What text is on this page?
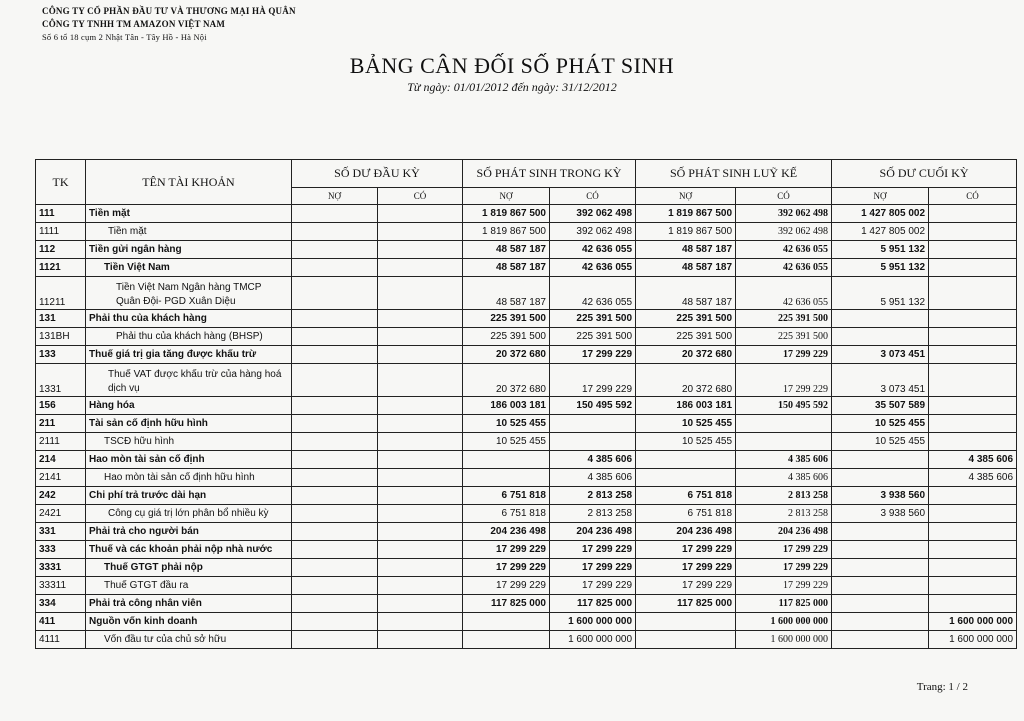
CÔNG TY CỔ PHẦN ĐẦU TƯ VÀ THƯƠNG MẠI HÀ QUÂN
CÔNG TY TNHH TM AMAZON VIỆT NAM
Số 6 tổ 18 cụm 2 Nhật Tân - Tây Hồ - Hà Nội
BẢNG CÂN ĐỐI SỐ PHÁT SINH
Từ ngày: 01/01/2012 đến ngày: 31/12/2012
TK	TÊN TÀI KHOẢN	SỐ DƯ ĐẦU KỲ		SỐ PHÁT SINH TRONG KỲ		SỐ PHÁT SINH LUỸ KẾ		SỐ DƯ CUỐI KỲ	
		NỢ	CÓ	NỢ	CÓ	NỢ	CÓ	NỢ	CÓ
111	Tiền mặt			1 819 867 500	392 062 498	1 819 867 500	392 062 498	1 427 805 002	
1111	Tiền mặt			1 819 867 500	392 062 498	1 819 867 500	392 062 498	1 427 805 002	
112	Tiền gửi ngân hàng			48 587 187	42 636 055	48 587 187	42 636 055	5 951 132	
1121	Tiền Việt Nam			48 587 187	42 636 055	48 587 187	42 636 055	5 951 132	
11211	Tiền Việt Nam Ngân hàng TMCP Quân Đội- PGD Xuân Diệu			48 587 187	42 636 055	48 587 187	42 636 055	5 951 132	
131	Phải thu của khách hàng			225 391 500	225 391 500	225 391 500	225 391 500		
131BH	Phải thu của khách hàng (BHSP)			225 391 500	225 391 500	225 391 500	225 391 500		
133	Thuế giá trị gia tăng được khấu trừ			20 372 680	17 299 229	20 372 680	17 299 229	3 073 451	
1331	Thuế VAT được khấu trừ của hàng hoá dịch vụ			20 372 680	17 299 229	20 372 680	17 299 229	3 073 451	
156	Hàng hóa			186 003 181	150 495 592	186 003 181	150 495 592	35 507 589	
211	Tài sản cố định hữu hình			10 525 455		10 525 455		10 525 455	
2111	TSCĐ hữu hình			10 525 455		10 525 455		10 525 455	
214	Hao mòn tài sản cố định				4 385 606		4 385 606		4 385 606
2141	Hao mòn tài sản cố định hữu hình				4 385 606		4 385 606		4 385 606
242	Chi phí trả trước dài hạn			6 751 818	2 813 258	6 751 818	2 813 258	3 938 560	
2421	Công cụ giá trị lớn phân bổ nhiều kỳ			6 751 818	2 813 258	6 751 818	2 813 258	3 938 560	
331	Phải trả cho người bán			204 236 498	204 236 498	204 236 498	204 236 498		
333	Thuế và các khoản phải nộp nhà nước			17 299 229	17 299 229	17 299 229	17 299 229		
3331	Thuế GTGT phải nộp			17 299 229	17 299 229	17 299 229	17 299 229		
33311	Thuế GTGT đầu ra			17 299 229	17 299 229	17 299 229	17 299 229		
334	Phải trả công nhân viên			117 825 000	117 825 000	117 825 000	117 825 000		
411	Nguồn vốn kinh doanh				1 600 000 000		1 600 000 000		1 600 000 000
4111	Vốn đầu tư của chủ sở hữu				1 600 000 000		1 600 000 000		1 600 000 000
Trang: 1 / 2
